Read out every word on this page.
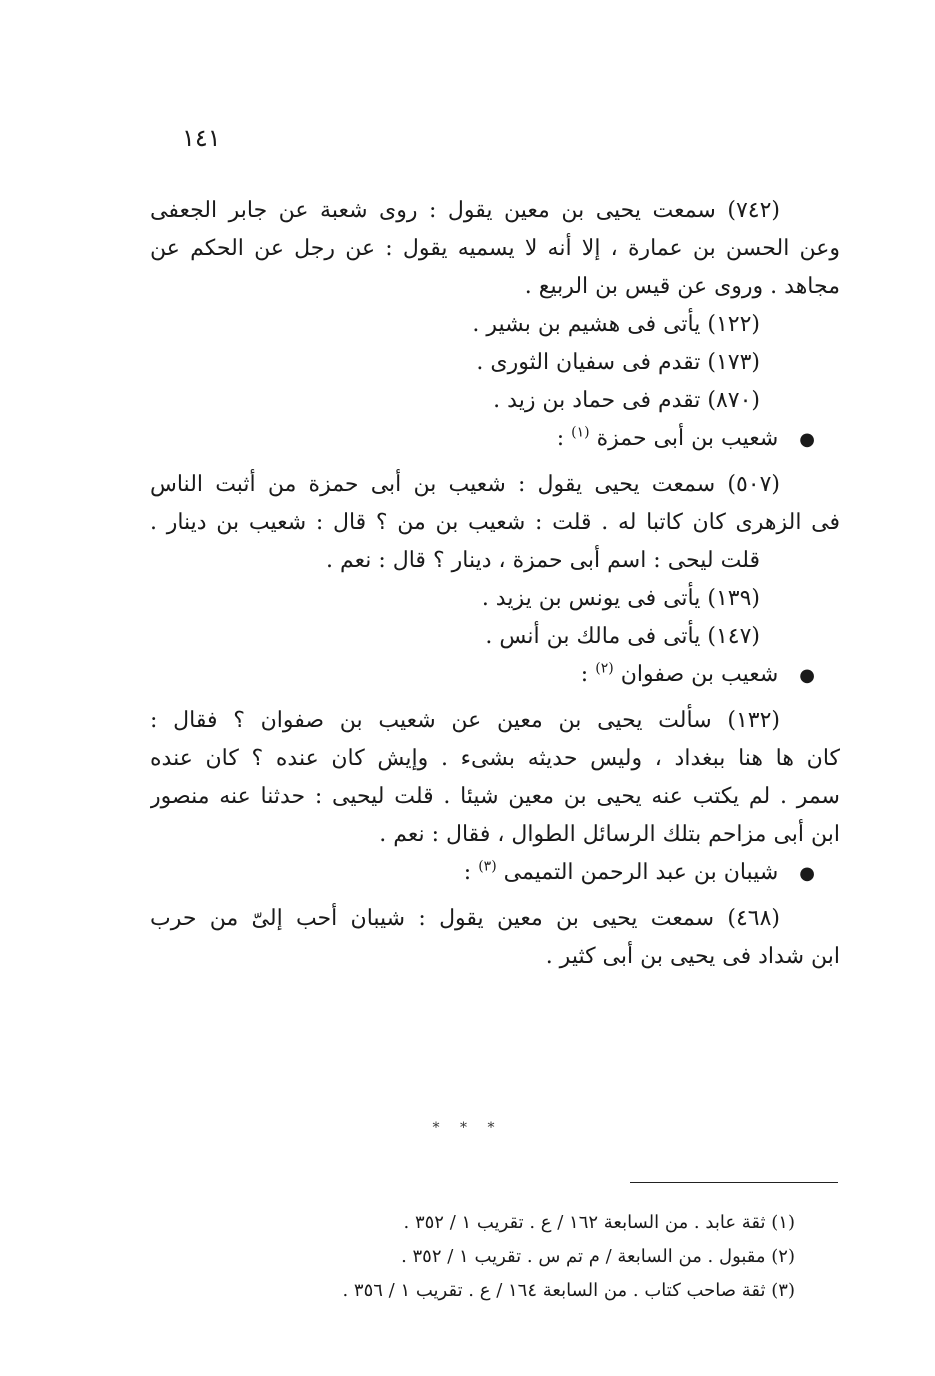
١٤١
(٧٤٢) سمعت يحيى بن معين يقول : روى شعبة عن جابر الجعفى
وعن الحسن بن عمارة ، إلا أنه لا يسميه يقول : عن رجل عن الحكم عن
مجاهد . وروى عن قيس بن الربيع .
(١٢٢) يأتى فى هشيم بن بشير .
(١٧٣) تقدم فى سفيان الثورى .
(٨٧٠) تقدم فى حماد بن زيد .
● شعيب بن أبى حمزة $^{(١)}$ :
(٥٠٧) سمعت يحيى يقول : شعيب بن أبى حمزة من أثبت الناس
فى الزهرى كان كاتبا له . قلت : شعيب بن من ؟ قال : شعيب بن دينار .
قلت ليحى : اسم أبى حمزة ، دينار ؟ قال : نعم .
(١٣٩) يأتى فى يونس بن يزيد .
(١٤٧) يأتى فى مالك بن أنس .
● شعيب بن صفوان $^{(٢)}$ :
(١٣٢) سألت يحيى بن معين عن شعيب بن صفوان ؟ فقال :
كان ها هنا ببغداد ، وليس حديثه بشىء . وإيش كان عنده ؟ كان عنده
سمر . لم يكتب عنه يحيى بن معين شيئا . قلت ليحيى : حدثنا عنه منصور
ابن أبى مزاحم بتلك الرسائل الطوال ، فقال : نعم .
● شيبان بن عبد الرحمن التميمى $^{(٣)}$ :
(٤٦٨) سمعت يحيى بن معين يقول : شيبان أحب إلىّ من حرب
ابن شداد فى يحيى بن أبى كثير .
* * *
(١) ثقة عابد . من السابعة ١٦٢ / ع . تقريب ١ / ٣٥٢ .
(٢) مقبول . من السابعة / م تم س . تقريب ١ / ٣٥٢ .
(٣) ثقة صاحب كتاب . من السابعة ١٦٤ / ع . تقريب ١ / ٣٥٦ .
